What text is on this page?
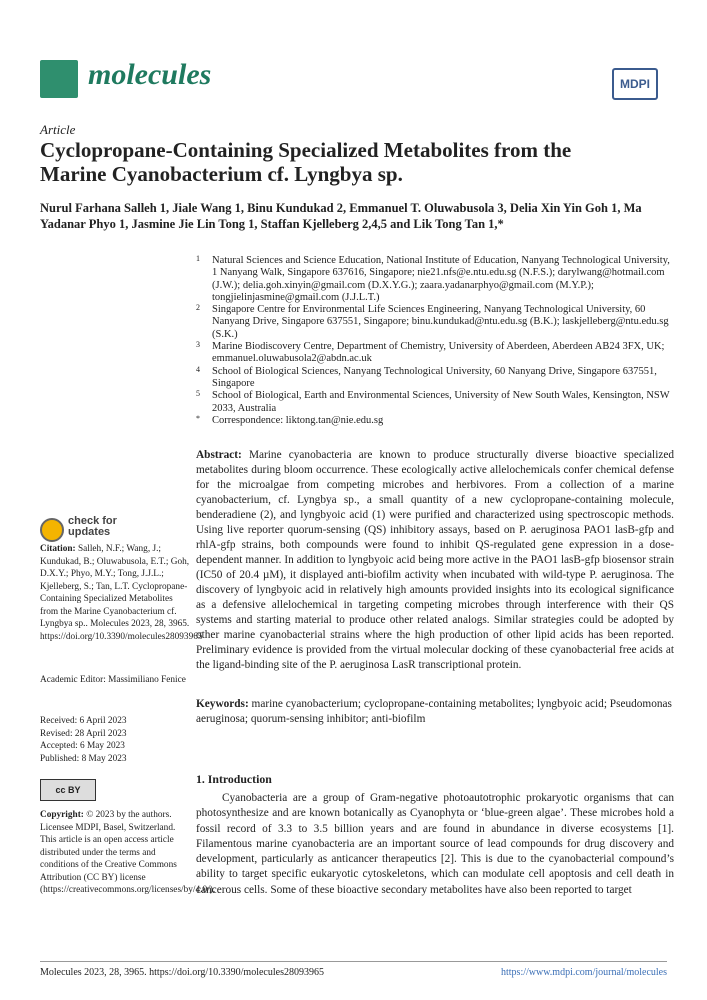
molecules	MDPI
Article
Cyclopropane-Containing Specialized Metabolites from the
Marine Cyanobacterium cf. Lyngbya sp.
Nurul Farhana Salleh 1, Jiale Wang 1, Binu Kundukad 2, Emmanuel T. Oluwabusola 3, Delia Xin Yin Goh 1, Ma Yadanar Phyo 1, Jasmine Jie Lin Tong 1, Staffan Kjelleberg 2,4,5 and Lik Tong Tan 1,*
1 Natural Sciences and Science Education, National Institute of Education, Nanyang Technological University, 1 Nanyang Walk, Singapore 637616, Singapore; nie21.nfs@e.ntu.edu.sg (N.F.S.); darylwang@hotmail.com (J.W.); delia.goh.xinyin@gmail.com (D.X.Y.G.); zaara.yadanarphyo@gmail.com (M.Y.P.); tongjielinjasmine@gmail.com (J.J.L.T.)
2 Singapore Centre for Environmental Life Sciences Engineering, Nanyang Technological University, 60 Nanyang Drive, Singapore 637551, Singapore; binu.kundukad@ntu.edu.sg (B.K.); laskjelleberg@ntu.edu.sg (S.K.)
3 Marine Biodiscovery Centre, Department of Chemistry, University of Aberdeen, Aberdeen AB24 3FX, UK; emmanuel.oluwabusola2@abdn.ac.uk
4 School of Biological Sciences, Nanyang Technological University, 60 Nanyang Drive, Singapore 637551, Singapore
5 School of Biological, Earth and Environmental Sciences, University of New South Wales, Kensington, NSW 2033, Australia
* Correspondence: liktong.tan@nie.edu.sg
Abstract: Marine cyanobacteria are known to produce structurally diverse bioactive specialized metabolites during bloom occurrence. These ecologically active allelochemicals confer chemical defense for the microalgae from competing microbes and herbivores. From a collection of a marine cyanobacterium, cf. Lyngbya sp., a small quantity of a new cyclopropane-containing molecule, benderadiene (2), and lyngbyoic acid (1) were purified and characterized using spectroscopic methods. Using live reporter quorum-sensing (QS) inhibitory assays, based on P. aeruginosa PAO1 lasB-gfp and rhlA-gfp strains, both compounds were found to inhibit QS-regulated gene expression in a dose-dependent manner. In addition to lyngbyoic acid being more active in the PAO1 lasB-gfp biosensor strain (IC50 of 20.4 µM), it displayed anti-biofilm activity when incubated with wild-type P. aeruginosa. The discovery of lyngbyoic acid in relatively high amounts provided insights into its ecological significance as a defensive allelochemical in targeting competing microbes through interference with their QS systems and starting material to produce other related analogs. Similar strategies could be adopted by other marine cyanobacterial strains where the high production of other lipid acids has been reported. Preliminary evidence is provided from the virtual molecular docking of these cyanobacterial free acids at the ligand-binding site of the P. aeruginosa LasR transcriptional protein.
Keywords: marine cyanobacterium; cyclopropane-containing metabolites; lyngbyoic acid; Pseudomonas aeruginosa; quorum-sensing inhibitor; anti-biofilm
check for
updates
Citation: Salleh, N.F.; Wang, J.; Kundukad, B.; Oluwabusola, E.T.; Goh, D.X.Y.; Phyo, M.Y.; Tong, J.J.L.; Kjelleberg, S.; Tan, L.T. Cyclopropane-Containing Specialized Metabolites from the Marine Cyanobacterium cf. Lyngbya sp.. Molecules 2023, 28, 3965. https://doi.org/10.3390/molecules28093965
Academic Editor: Massimiliano Fenice
Received: 6 April 2023
Revised: 28 April 2023
Accepted: 6 May 2023
Published: 8 May 2023
cc BY
Copyright: © 2023 by the authors. Licensee MDPI, Basel, Switzerland. This article is an open access article distributed under the terms and conditions of the Creative Commons Attribution (CC BY) license (https://creativecommons.org/licenses/by/4.0/).
1. Introduction
Cyanobacteria are a group of Gram-negative photoautotrophic prokaryotic organisms that can photosynthesize and are known botanically as Cyanophyta or ‘blue-green algae’. These microbes hold a fossil record of 3.3 to 3.5 billion years and are found in abundance in diverse ecosystems [1]. Filamentous marine cyanobacteria are an important source of lead compounds for drug discovery and development, particularly as anticancer therapeutics [2]. This is due to the cyanobacterial compound’s ability to target specific eukaryotic cytoskeletons, which can modulate cell apoptosis and cell death in cancerous cells. Some of these bioactive secondary metabolites have also been reported to target
Molecules 2023, 28, 3965. https://doi.org/10.3390/molecules28093965	https://www.mdpi.com/journal/molecules
